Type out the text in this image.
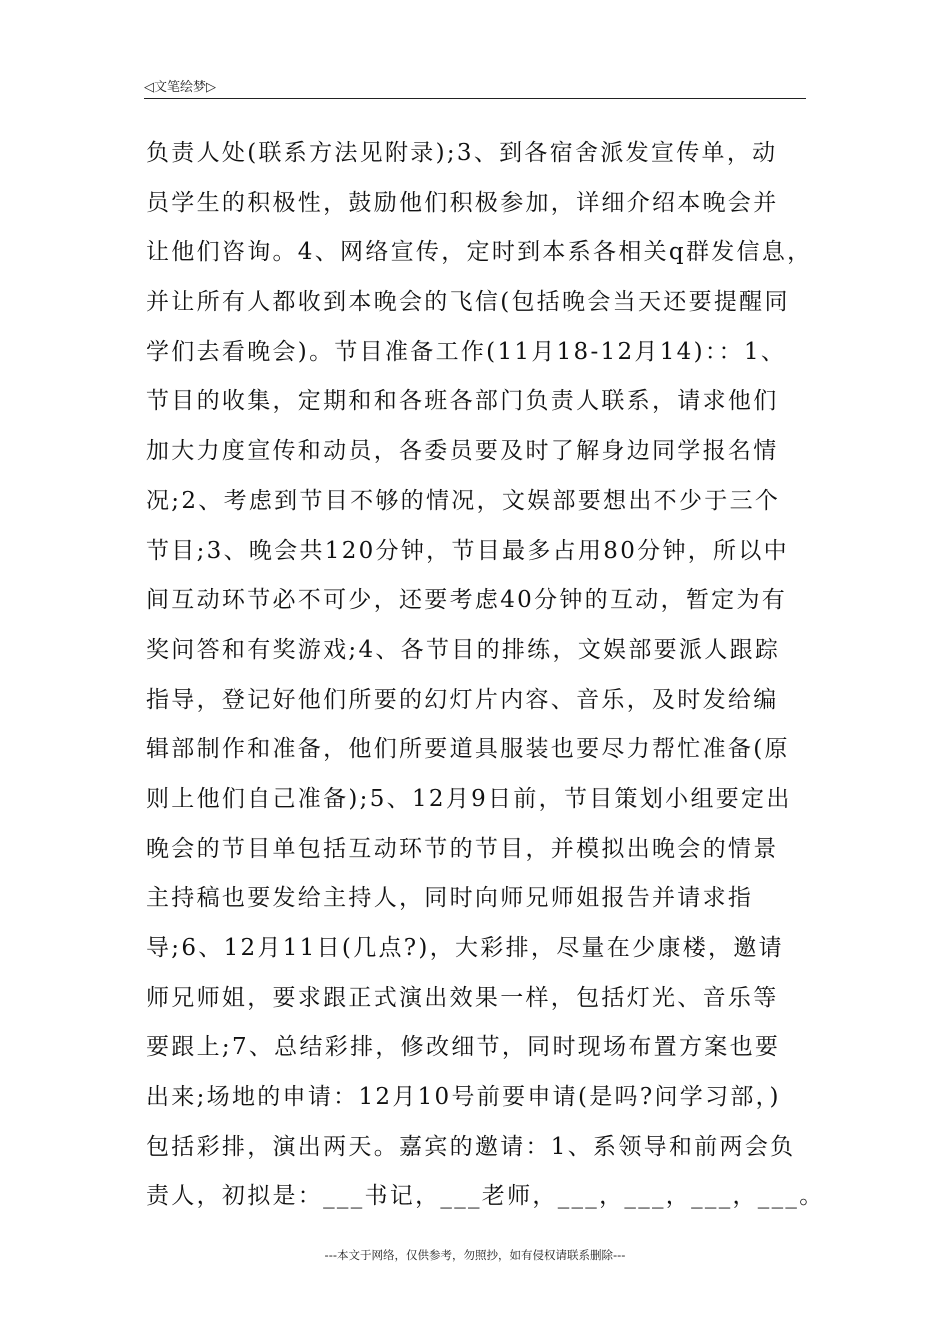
◁文笔绘梦▷
负责人处(联系方法见附录);3、到各宿舍派发宣传单，动
员学生的积极性，鼓励他们积极参加，详细介绍本晚会并
让他们咨询。4、网络宣传，定时到本系各相关q群发信息，
并让所有人都收到本晚会的飞信(包括晚会当天还要提醒同
学们去看晚会)。节目准备工作(11月18-12月14)：：1、
节目的收集，定期和和各班各部门负责人联系，请求他们
加大力度宣传和动员，各委员要及时了解身边同学报名情
况;2、考虑到节目不够的情况，文娱部要想出不少于三个
节目;3、晚会共120分钟，节目最多占用80分钟，所以中
间互动环节必不可少，还要考虑40分钟的互动，暂定为有
奖问答和有奖游戏;4、各节目的排练，文娱部要派人跟踪
指导，登记好他们所要的幻灯片内容、音乐，及时发给编
辑部制作和准备，他们所要道具服装也要尽力帮忙准备(原
则上他们自己准备);5、12月9日前，节目策划小组要定出
晚会的节目单包括互动环节的节目，并模拟出晚会的情景
主持稿也要发给主持人，同时向师兄师姐报告并请求指
导;6、12月11日(几点?)，大彩排，尽量在少康楼，邀请
师兄师姐，要求跟正式演出效果一样，包括灯光、音乐等
要跟上;7、总结彩排，修改细节，同时现场布置方案也要
出来;场地的申请：12月10号前要申请(是吗?问学习部，)
包括彩排，演出两天。嘉宾的邀请：1、系领导和前两会负
责人，初拟是：___书记，___老师，___，___，___，___。
---本文于网络，仅供参考，勿照抄，如有侵权请联系删除---
